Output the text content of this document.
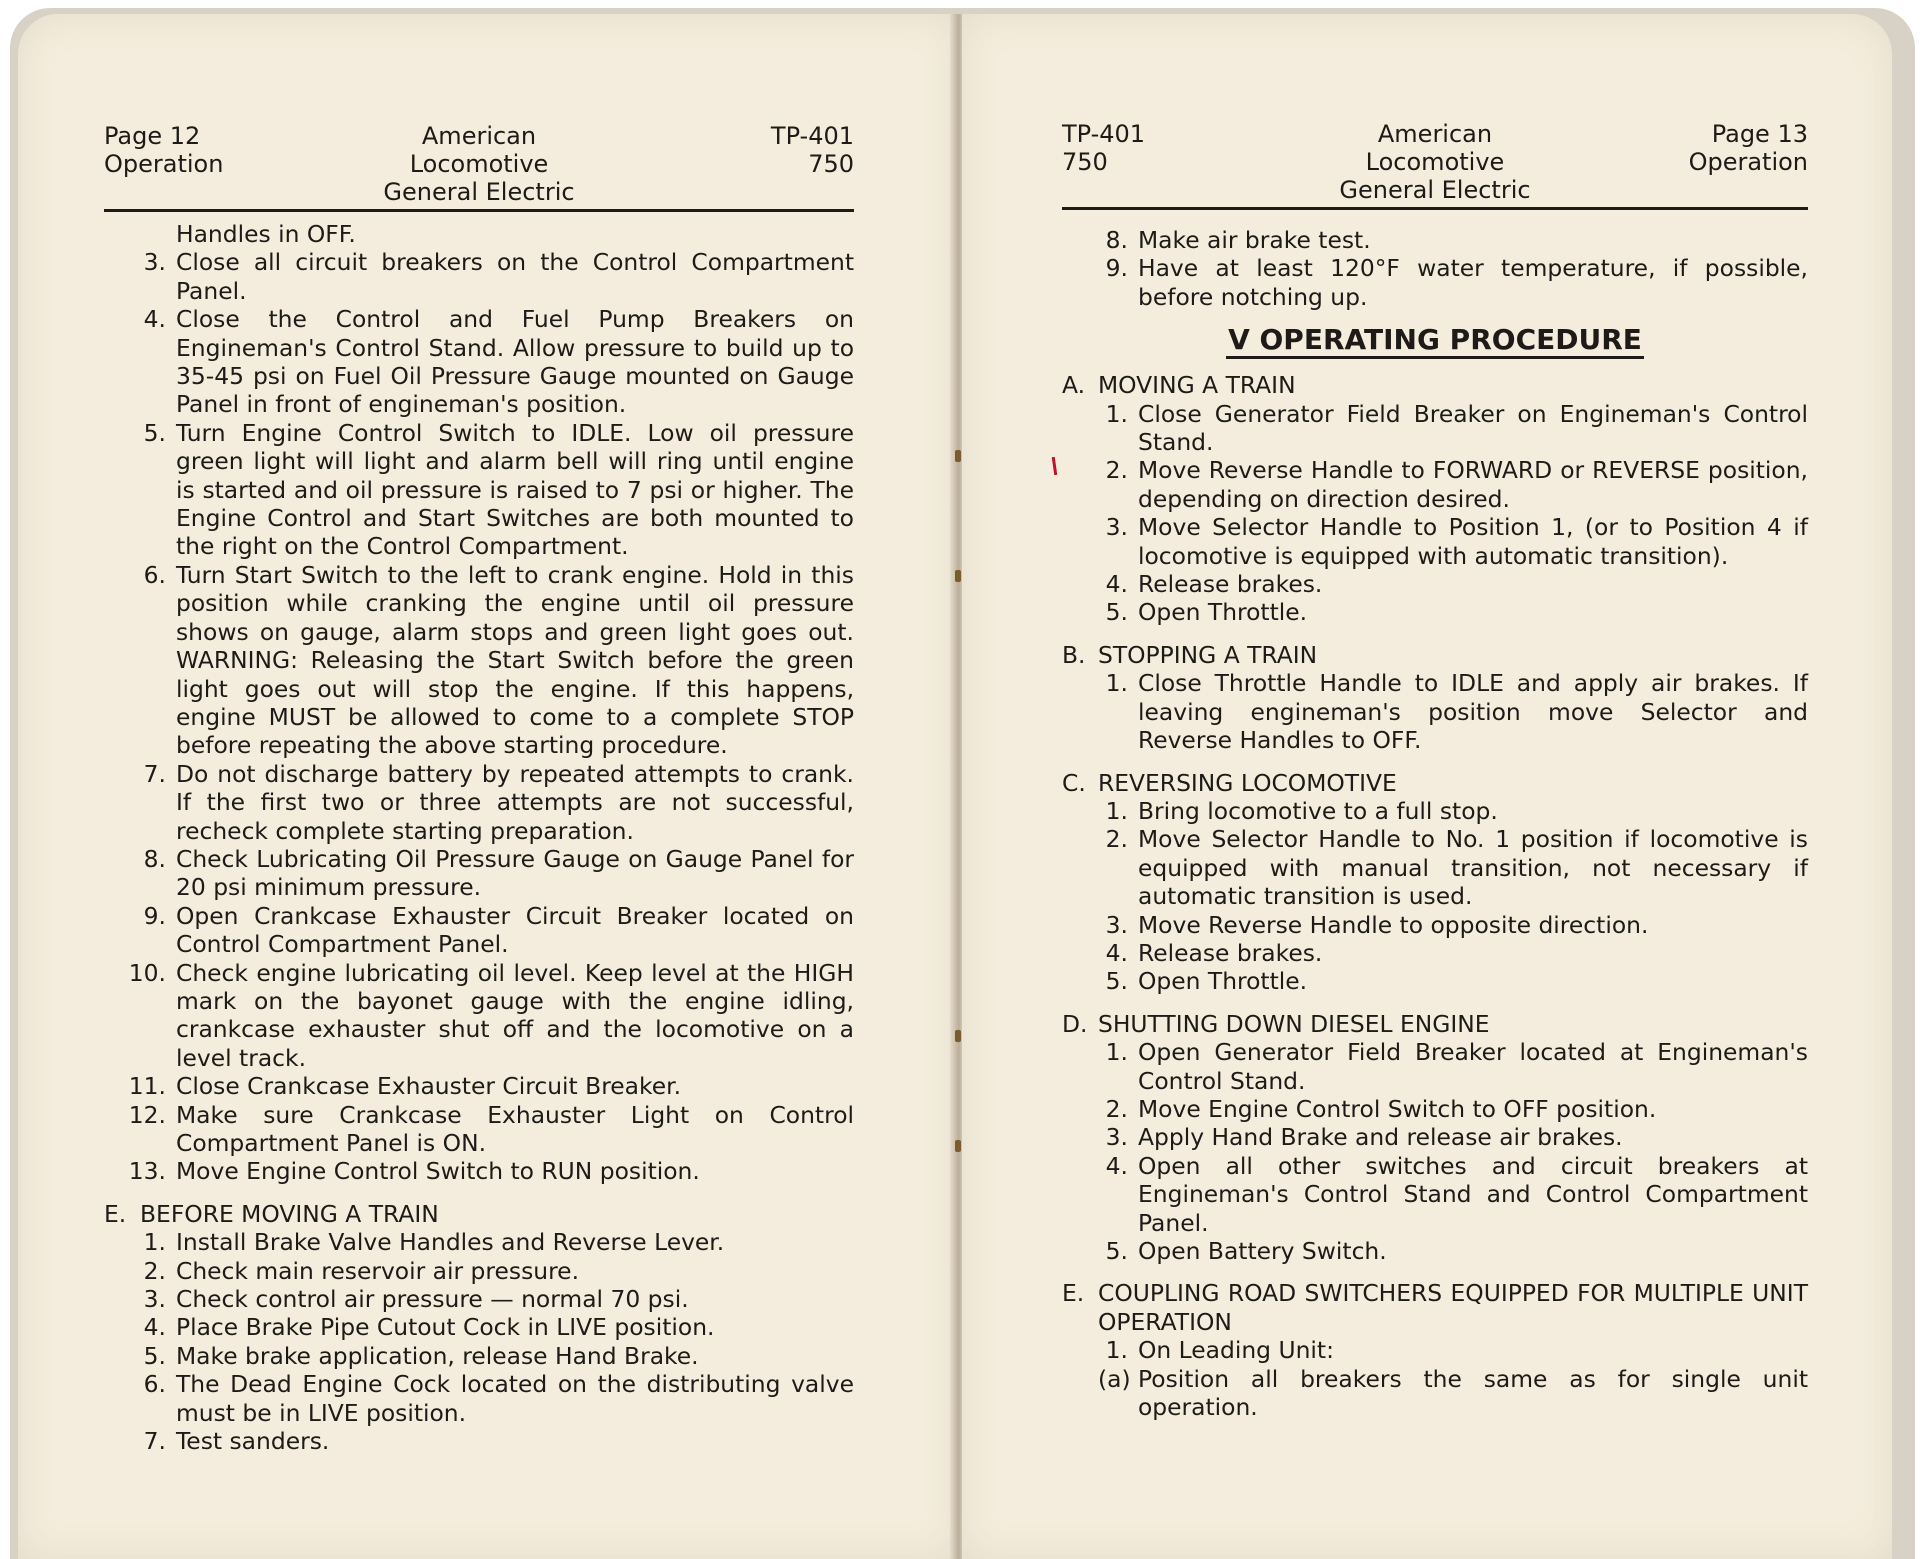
Page 12
Operation
American Locomotive
General Electric
TP-401
750
Handles in OFF.
3. Close all circuit breakers on the Control Compartment Panel.
4. Close the Control and Fuel Pump Breakers on Engineman's Control Stand. Allow pressure to build up to 35-45 psi on Fuel Oil Pressure Gauge mounted on Gauge Panel in front of engineman's position.
5. Turn Engine Control Switch to IDLE. Low oil pressure green light will light and alarm bell will ring until engine is started and oil pressure is raised to 7 psi or higher. The Engine Control and Start Switches are both mounted to the right on the Control Compartment.
6. Turn Start Switch to the left to crank engine. Hold in this position while cranking the engine until oil pressure shows on gauge, alarm stops and green light goes out. WARNING: Releasing the Start Switch before the green light goes out will stop the engine. If this happens, engine MUST be allowed to come to a complete STOP before repeating the above starting procedure.
7. Do not discharge battery by repeated attempts to crank. If the first two or three attempts are not successful, recheck complete starting preparation.
8. Check Lubricating Oil Pressure Gauge on Gauge Panel for 20 psi minimum pressure.
9. Open Crankcase Exhauster Circuit Breaker located on Control Compartment Panel.
10. Check engine lubricating oil level. Keep level at the HIGH mark on the bayonet gauge with the engine idling, crankcase exhauster shut off and the locomotive on a level track.
11. Close Crankcase Exhauster Circuit Breaker.
12. Make sure Crankcase Exhauster Light on Control Compartment Panel is ON.
13. Move Engine Control Switch to RUN position.
E. BEFORE MOVING A TRAIN
1. Install Brake Valve Handles and Reverse Lever.
2. Check main reservoir air pressure.
3. Check control air pressure — normal 70 psi.
4. Place Brake Pipe Cutout Cock in LIVE position.
5. Make brake application, release Hand Brake.
6. The Dead Engine Cock located on the distributing valve must be in LIVE position.
7. Test sanders.
TP-401
750
American Locomotive
General Electric
Page 13
Operation
8. Make air brake test.
9. Have at least 120°F water temperature, if possible, before notching up.
V OPERATING PROCEDURE
A. MOVING A TRAIN
1. Close Generator Field Breaker on Engineman's Control Stand.
2. Move Reverse Handle to FORWARD or REVERSE position, depending on direction desired.
3. Move Selector Handle to Position 1, (or to Position 4 if locomotive is equipped with automatic transition).
4. Release brakes.
5. Open Throttle.
B. STOPPING A TRAIN
1. Close Throttle Handle to IDLE and apply air brakes. If leaving engineman's position move Selector and Reverse Handles to OFF.
C. REVERSING LOCOMOTIVE
1. Bring locomotive to a full stop.
2. Move Selector Handle to No. 1 position if locomotive is equipped with manual transition, not necessary if automatic transition is used.
3. Move Reverse Handle to opposite direction.
4. Release brakes.
5. Open Throttle.
D. SHUTTING DOWN DIESEL ENGINE
1. Open Generator Field Breaker located at Engineman's Control Stand.
2. Move Engine Control Switch to OFF position.
3. Apply Hand Brake and release air brakes.
4. Open all other switches and circuit breakers at Engineman's Control Stand and Control Compartment Panel.
5. Open Battery Switch.
E. COUPLING ROAD SWITCHERS EQUIPPED FOR MULTIPLE UNIT OPERATION
1. On Leading Unit:
(a) Position all breakers the same as for single unit operation.
